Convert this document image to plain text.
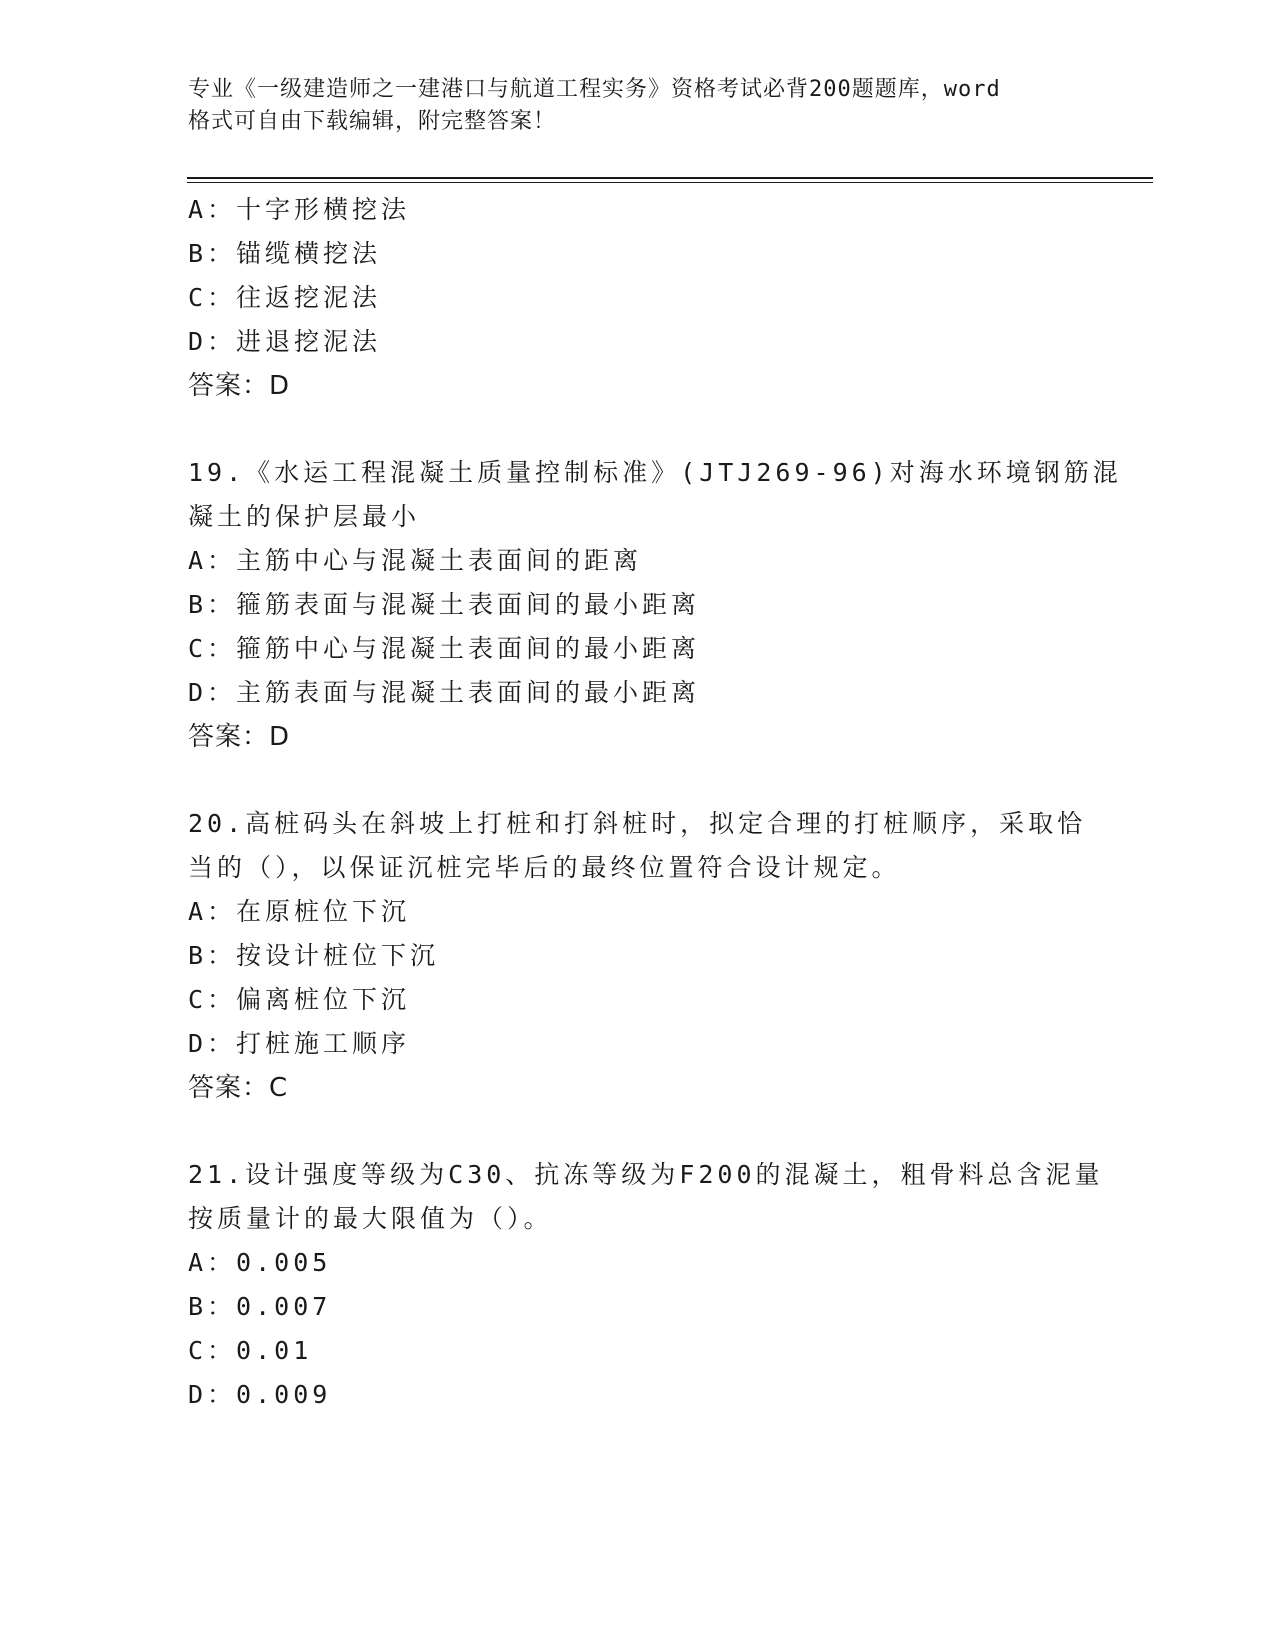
专业《一级建造师之一建港口与航道工程实务》资格考试必背200题题库，word
格式可自由下载编辑，附完整答案！
A：十字形横挖法
B：锚缆横挖法
C：往返挖泥法
D：进退挖泥法
答案：D
19.《水运工程混凝土质量控制标准》(JTJ269-96)对海水环境钢筋混
凝土的保护层最小
A：主筋中心与混凝土表面间的距离
B：箍筋表面与混凝土表面间的最小距离
C：箍筋中心与混凝土表面间的最小距离
D：主筋表面与混凝土表面间的最小距离
答案：D
20.高桩码头在斜坡上打桩和打斜桩时，拟定合理的打桩顺序，采取恰
当的（），以保证沉桩完毕后的最终位置符合设计规定。
A：在原桩位下沉
B：按设计桩位下沉
C：偏离桩位下沉
D：打桩施工顺序
答案：C
21.设计强度等级为C30、抗冻等级为F200的混凝土，粗骨料总含泥量
按质量计的最大限值为（）。
A：0.005
B：0.007
C：0.01
D：0.009
